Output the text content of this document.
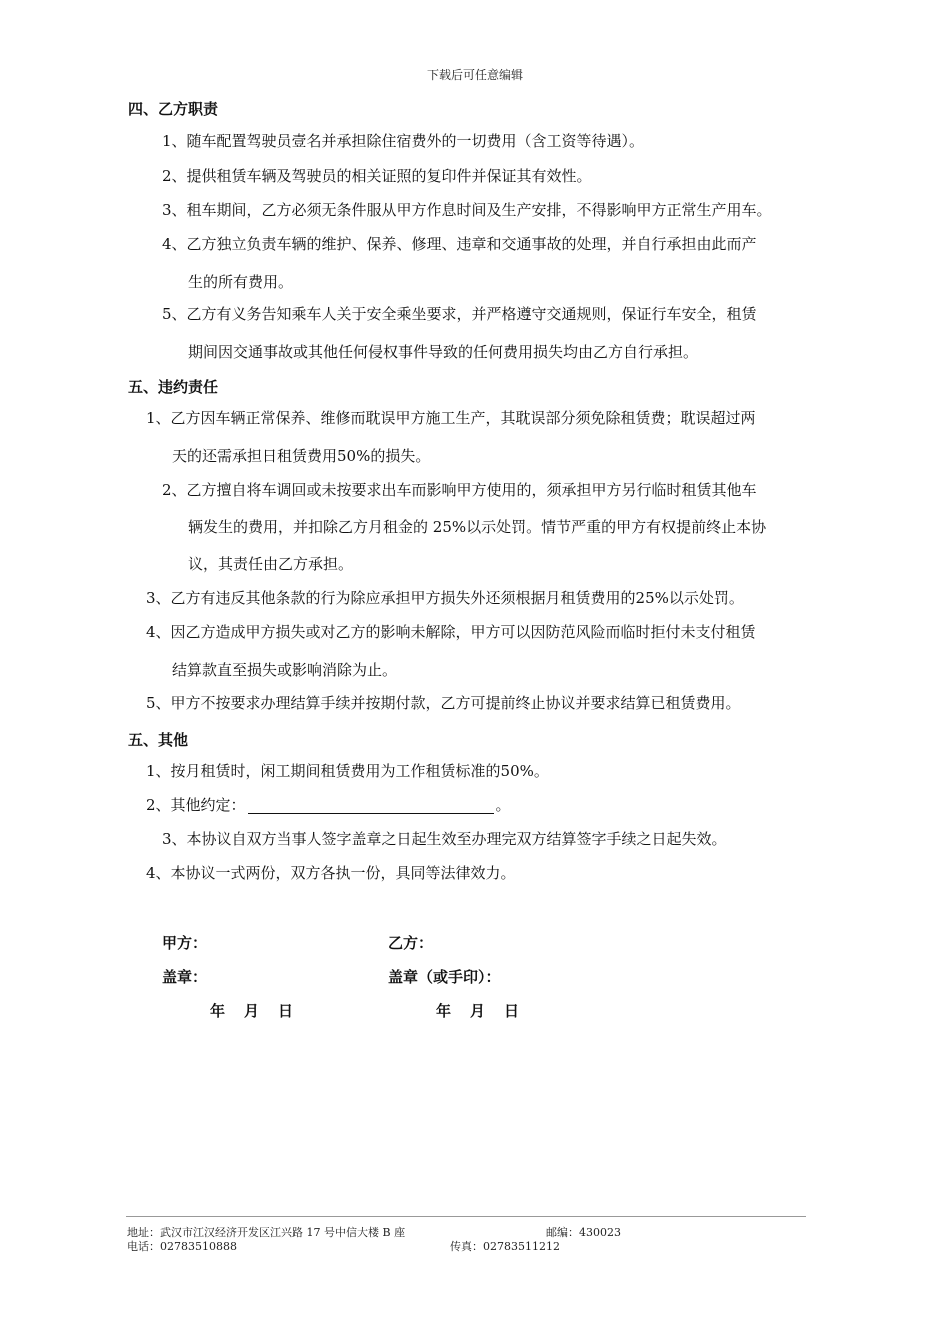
下载后可任意编辑
四、乙方职责
1、随车配置驾驶员壹名并承担除住宿费外的一切费用（含工资等待遇）。
2、提供租赁车辆及驾驶员的相关证照的复印件并保证其有效性。
3、租车期间，乙方必须无条件服从甲方作息时间及生产安排，不得影响甲方正常生产用车。
4、乙方独立负责车辆的维护、保养、修理、违章和交通事故的处理，并自行承担由此而产
生的所有费用。
5、乙方有义务告知乘车人关于安全乘坐要求，并严格遵守交通规则，保证行车安全，租赁
期间因交通事故或其他任何侵权事件导致的任何费用损失均由乙方自行承担。
五、违约责任
1、乙方因车辆正常保养、维修而耽误甲方施工生产，其耽误部分须免除租赁费；耽误超过两
天的还需承担日租赁费用50%的损失。
2、乙方擅自将车调回或未按要求出车而影响甲方使用的，须承担甲方另行临时租赁其他车
辆发生的费用，并扣除乙方月租金的 25%以示处罚。情节严重的甲方有权提前终止本协
议，其责任由乙方承担。
3、乙方有违反其他条款的行为除应承担甲方损失外还须根据月租赁费用的25%以示处罚。
4、因乙方造成甲方损失或对乙方的影响未解除，甲方可以因防范风险而临时拒付未支付租赁
结算款直至损失或影响消除为止。
5、甲方不按要求办理结算手续并按期付款，乙方可提前终止协议并要求结算已租赁费用。
五、其他
1、按月租赁时，闲工期间租赁费用为工作租赁标准的50%。
2、其他约定：	。
3、本协议自双方当事人签字盖章之日起生效至办理完双方结算签字手续之日起失效。
4、本协议一式两份，双方各执一份，具同等法律效力。
甲方：	乙方：
盖章：	盖章（或手印）：
年　月　日	年　月　日
地址：武汉市江汉经济开发区江兴路 17 号中信大楼 B 座	邮编：430023
电话：02783510888	传真：02783511212
